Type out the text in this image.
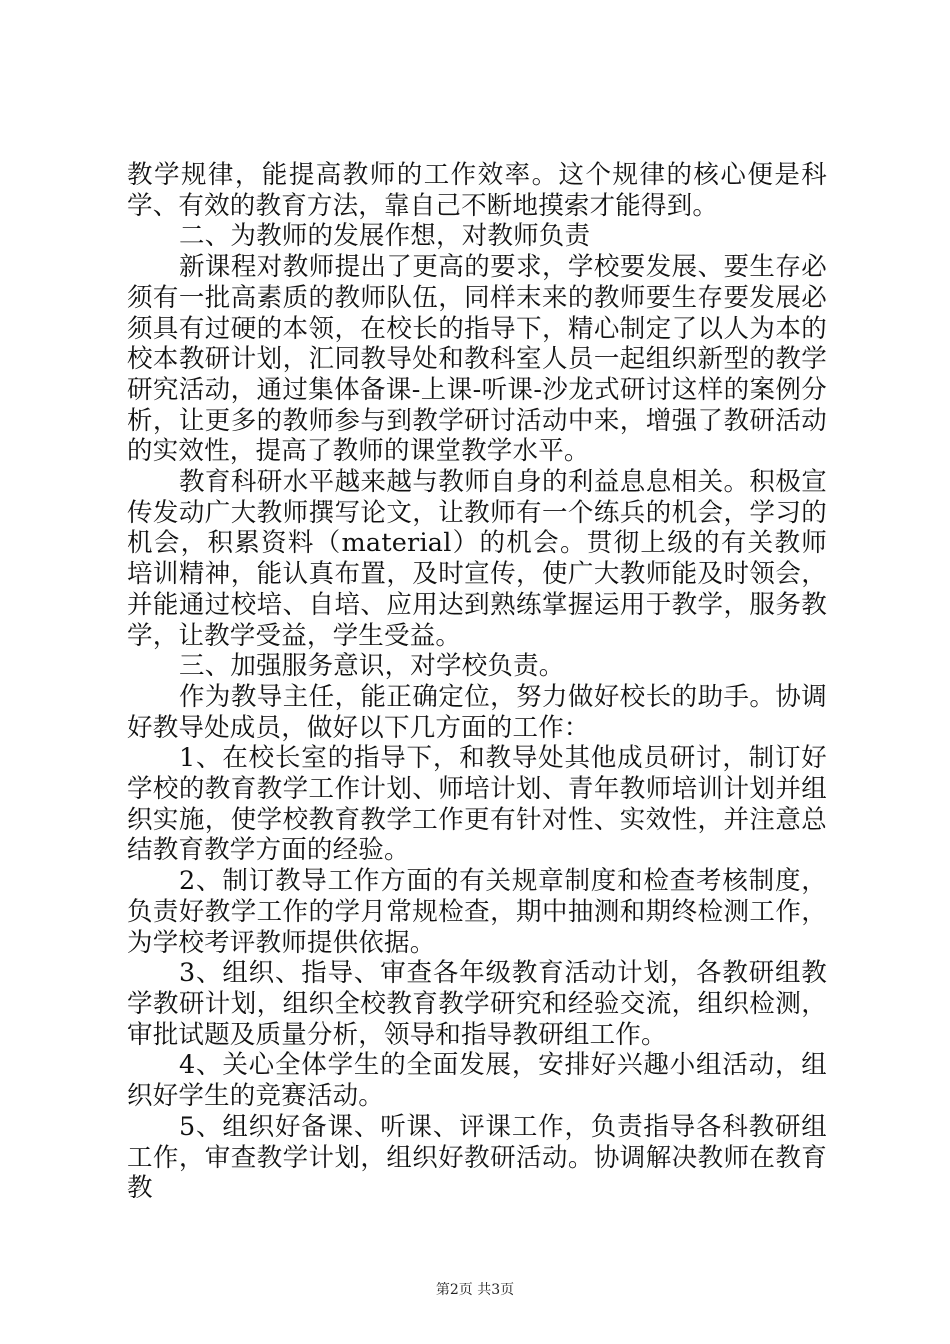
教学规律，能提高教师的工作效率。这个规律的核心便是科学、有效的教育方法，靠自己不断地摸索才能得到。

二、为教师的发展作想，对教师负责

新课程对教师提出了更高的要求，学校要发展、要生存必须有一批高素质的教师队伍，同样末来的教师要生存要发展必须具有过硬的本领，在校长的指导下，精心制定了以人为本的校本教研计划，汇同教导处和教科室人员一起组织新型的教学研究活动，通过集体备课-上课-听课-沙龙式研讨这样的案例分析，让更多的教师参与到教学研讨活动中来，增强了教研活动的实效性，提高了教师的课堂教学水平。

教育科研水平越来越与教师自身的利益息息相关。积极宣传发动广大教师撰写论文，让教师有一个练兵的机会，学习的机会，积累资料（material）的机会。贯彻上级的有关教师培训精神，能认真布置，及时宣传，使广大教师能及时领会，并能通过校培、自培、应用达到熟练掌握运用于教学，服务教学，让教学受益，学生受益。

三、加强服务意识，对学校负责。

作为教导主任，能正确定位，努力做好校长的助手。协调好教导处成员，做好以下几方面的工作：

1、在校长室的指导下，和教导处其他成员研讨，制订好学校的教育教学工作计划、师培计划、青年教师培训计划并组织实施，使学校教育教学工作更有针对性、实效性，并注意总结教育教学方面的经验。

2、制订教导工作方面的有关规章制度和检查考核制度，负责好教学工作的学月常规检查，期中抽测和期终检测工作，为学校考评教师提供依据。

3、组织、指导、审查各年级教育活动计划，各教研组教学教研计划，组织全校教育教学研究和经验交流，组织检测，审批试题及质量分析，领导和指导教研组工作。

4、关心全体学生的全面发展，安排好兴趣小组活动，组织好学生的竞赛活动。

5、组织好备课、听课、评课工作，负责指导各科教研组工作，审查教学计划，组织好教研活动。协调解决教师在教育教

第2页 共3页
